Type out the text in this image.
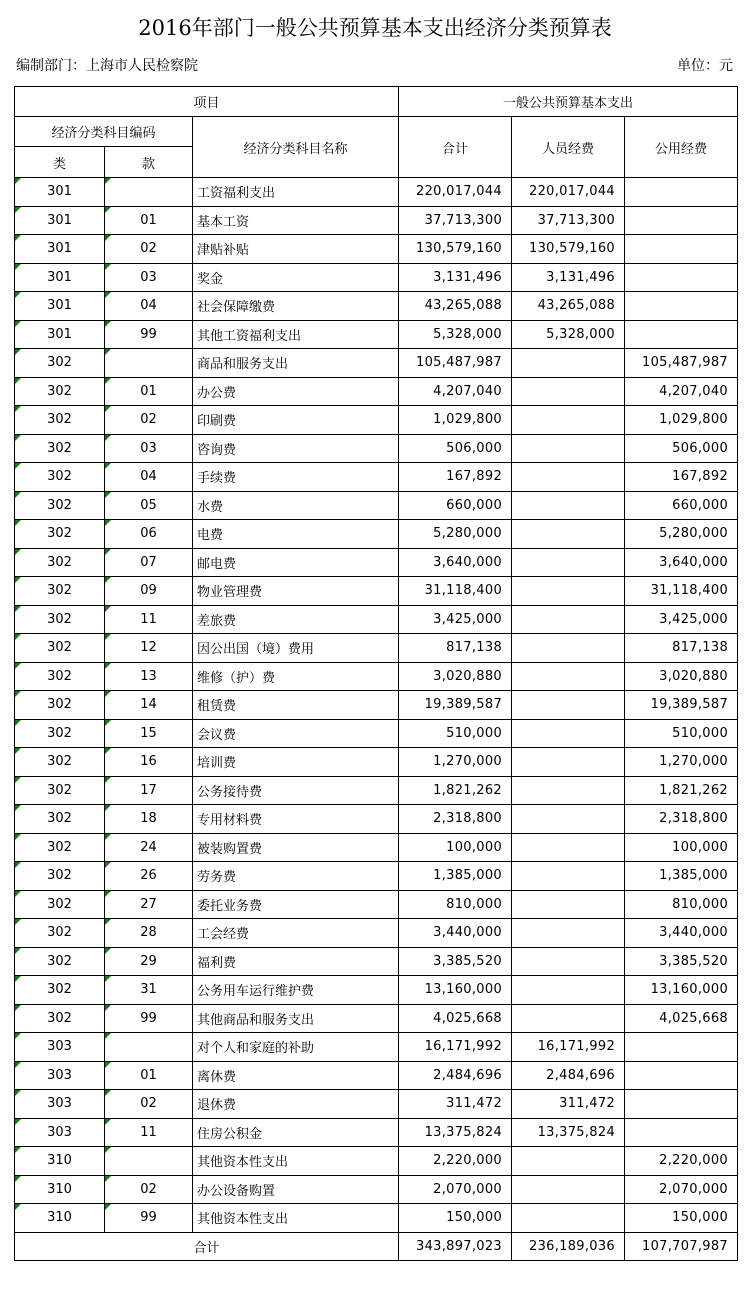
2016年部门一般公共预算基本支出经济分类预算表
编制部门：上海市人民检察院	单位：元
项目			一般公共预算基本支出		
经济分类科目编码		经济分类科目名称	合计	人员经费	公用经费
类	款				
301		工资福利支出	220,017,044	220,017,044	
301	01	基本工资	37,713,300	37,713,300	
301	02	津贴补贴	130,579,160	130,579,160	
301	03	奖金	3,131,496	3,131,496	
301	04	社会保障缴费	43,265,088	43,265,088	
301	99	其他工资福利支出	5,328,000	5,328,000	
302		商品和服务支出	105,487,987		105,487,987
302	01	办公费	4,207,040		4,207,040
302	02	印刷费	1,029,800		1,029,800
302	03	咨询费	506,000		506,000
302	04	手续费	167,892		167,892
302	05	水费	660,000		660,000
302	06	电费	5,280,000		5,280,000
302	07	邮电费	3,640,000		3,640,000
302	09	物业管理费	31,118,400		31,118,400
302	11	差旅费	3,425,000		3,425,000
302	12	因公出国（境）费用	817,138		817,138
302	13	维修（护）费	3,020,880		3,020,880
302	14	租赁费	19,389,587		19,389,587
302	15	会议费	510,000		510,000
302	16	培训费	1,270,000		1,270,000
302	17	公务接待费	1,821,262		1,821,262
302	18	专用材料费	2,318,800		2,318,800
302	24	被装购置费	100,000		100,000
302	26	劳务费	1,385,000		1,385,000
302	27	委托业务费	810,000		810,000
302	28	工会经费	3,440,000		3,440,000
302	29	福利费	3,385,520		3,385,520
302	31	公务用车运行维护费	13,160,000		13,160,000
302	99	其他商品和服务支出	4,025,668		4,025,668
303		对个人和家庭的补助	16,171,992	16,171,992	
303	01	离休费	2,484,696	2,484,696	
303	02	退休费	311,472	311,472	
303	11	住房公积金	13,375,824	13,375,824	
310		其他资本性支出	2,220,000		2,220,000
310	02	办公设备购置	2,070,000		2,070,000
310	99	其他资本性支出	150,000		150,000
合计			343,897,023	236,189,036	107,707,987
